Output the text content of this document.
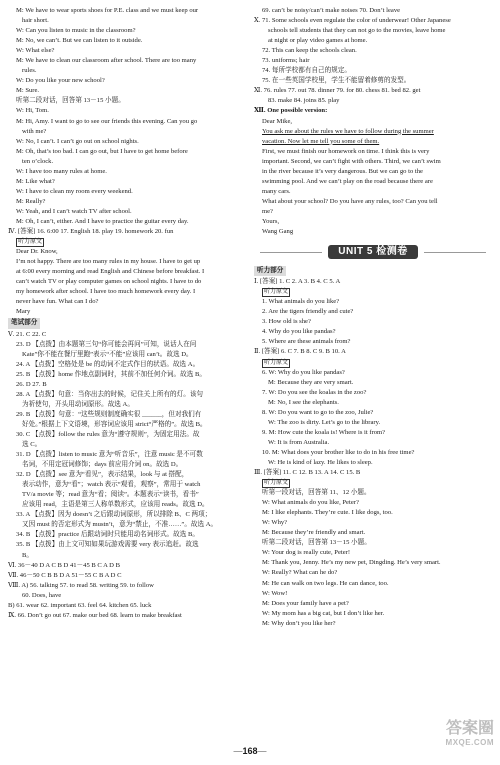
M: We have to wear sports shoes for P.E. class and we must keep our
hair short.
W: Can you listen to music in the classroom?
M: No, we can’t. But we can listen to it outside.
W: What else?
M: We have to clean our classroom after school. There are too many
rules.
W: Do you like your new school?
M: Sure.
听第二段对话，回答第 13－15 小题。
W: Hi, Tom.
M: Hi, Amy. I want to go to see our friends this evening. Can you go
with me?
W: No, I can’t. I can’t go out on school nights.
M: Oh, that’s too bad. I can go out, but I have to get home before
ten o’clock.
W: I have too many rules at home.
M: Like what?
W: I have to clean my room every weekend.
M: Really?
W: Yeah, and I can’t watch TV after school.
M: Oh, I can’t, either. And I have to practice the guitar every day.
Ⅳ. [答案] 16. 6:00 17. English 18. play 19. homework 20. fun
听力原文
Dear Dr. Know,
I’m not happy. There are too many rules in my house. I have to get up
at 6:00 every morning and read English and Chinese before breakfast. I
can’t watch TV or play computer games on school nights. I have to do
my homework after school. I have too much homework every day. I
never have fun. What can I do?
Mary
笔试部分
Ⅴ. 21. C 22. C
23. D 【点拨】由本题第三句“你可能会再问”可知，说话人在问
Kate”你不能在餐厅里跑”表示“不能”应该用 can’t。故选 D。
24. A 【点拨】空格处是 be 的动词不定式作目的状语。故选 A。
25. B 【点拨】home 作地点副词时，其前不加任何介词。故选 B。
26. D 27. B
28. A 【点拨】句意：当你出去的时候，记住关上所有的灯。该句
为祈使句，开头用动词原形。故选 A。
29. B 【点拨】句意：“这些规则制度确实很 ______，但对我们有
好处。”根据上下文语境，形容词应该用 strict“严格的”。故选 B。
30. C 【点拨】follow the rules 意为“遵守规则”，为固定用法。故
选 C。
31. D 【点拨】listen to music 意为“听音乐”，注意 music 是不可数
名词，不用定冠词修饰；days 前应用介词 on。故选 D。
32. D 【点拨】see 意为“看见”，表示结果，look 与 at 搭配，
表示动作，意为“看”；watch 表示“观看，观察”，常用于 watch
TV/a movie 等；read 意为“看；阅读”。本题表示“读书，看书”
应该用 read，主语是第三人称单数形式，应该用 reads。故选 D。
33. A 【点拨】因为 doesn’t 之后跟动词原形，所以排除 B、C 两项；
又因 must 的否定形式为 mustn’t，意为“禁止，不准……”。故选 A。
34. B 【点拨】practice 后跟动词时只能用动名词形式。故选 B。
35. B 【点拨】由上文可知如果玩游戏需要 very 表示追赶。故选
B。
Ⅵ. 36－40 D A C B D 41－45 B C A D B
Ⅶ. 46－50 C B B D A 51－55 C B A D C
Ⅷ. A) 56. talking 57. to read 58. writing 59. to follow
60. Does, have
B) 61. wear 62. important 63. feel 64. kitchen 65. luck
Ⅸ. 66. Don’t go out 67. make our bed 68. learn to make breakfast
69. can’t be noisy/can’t make noises 70. Don’t leave
Ⅹ. 71. Some schools even regulate the color of underwear! Other Japanese
schools tell students that they can not go to the movies, leave home
at night or play video games at home.
72. This can keep the schools clean.
73. uniforms; hair
74. 每所学校都有自己的规定。
75. 在一些英国学校里，学生不能留着修剪的发型。
Ⅺ. 76. rules 77. out 78. dinner 79. for 80. chess 81. bed 82. get
83. make 84. joins 85. play
Ⅻ. One possible version:
Dear Mike,
You ask me about the rules we have to follow during the summer
vacation. Now let me tell you some of them.
First, we must finish our homework on time. I think this is very
important. Second, we can’t fight with others. Third, we can’t swim
in the river because it’s very dangerous. But we can go to the
swimming pool. And we can’t play on the road because there are
many cars.
What about your school? Do you have any rules, too? Can you tell
me?
Yours,
Wang Gang
UNIT 5 检测卷
听力部分
Ⅰ. [答案] 1. C 2. A 3. B 4. C 5. A
听力原文
1. What animals do you like?
2. Are the tigers friendly and cute?
3. How old is she?
4. Why do you like pandas?
5. Where are these animals from?
Ⅱ. [答案] 6. C 7. B 8. C 9. B 10. A
听力原文
6. W: Why do you like pandas?
M: Because they are very smart.
7. W: Do you see the koalas in the zoo?
M: No, I see the elephants.
8. W: Do you want to go to the zoo, Julie?
W: The zoo is dirty. Let’s go to the library.
9. M: How cute the koala is! Where is it from?
W: It is from Australia.
10. M: What does your brother like to do in his free time?
W: He is kind of lazy. He likes to sleep.
Ⅲ. [答案] 11. C 12. B 13. A 14. C 15. B
听力原文
听第一段对话，回答第 11、12 小题。
W: What animals do you like, Peter?
M: I like elephants. They’re cute. I like dogs, too.
W: Why?
M: Because they’re friendly and smart.
听第二段对话，回答第 13－15 小题。
W: Your dog is really cute, Peter!
M: Thank you, Jenny. He’s my new pet, Dingding. He’s very smart.
W: Really? What can he do?
M: He can walk on two legs. He can dance, too.
W: Wow!
M: Does your family have a pet?
W: My mom has a big cat, but I don’t like her.
M: Why don’t you like her?
—168—
答案圈
MXQE.COM
